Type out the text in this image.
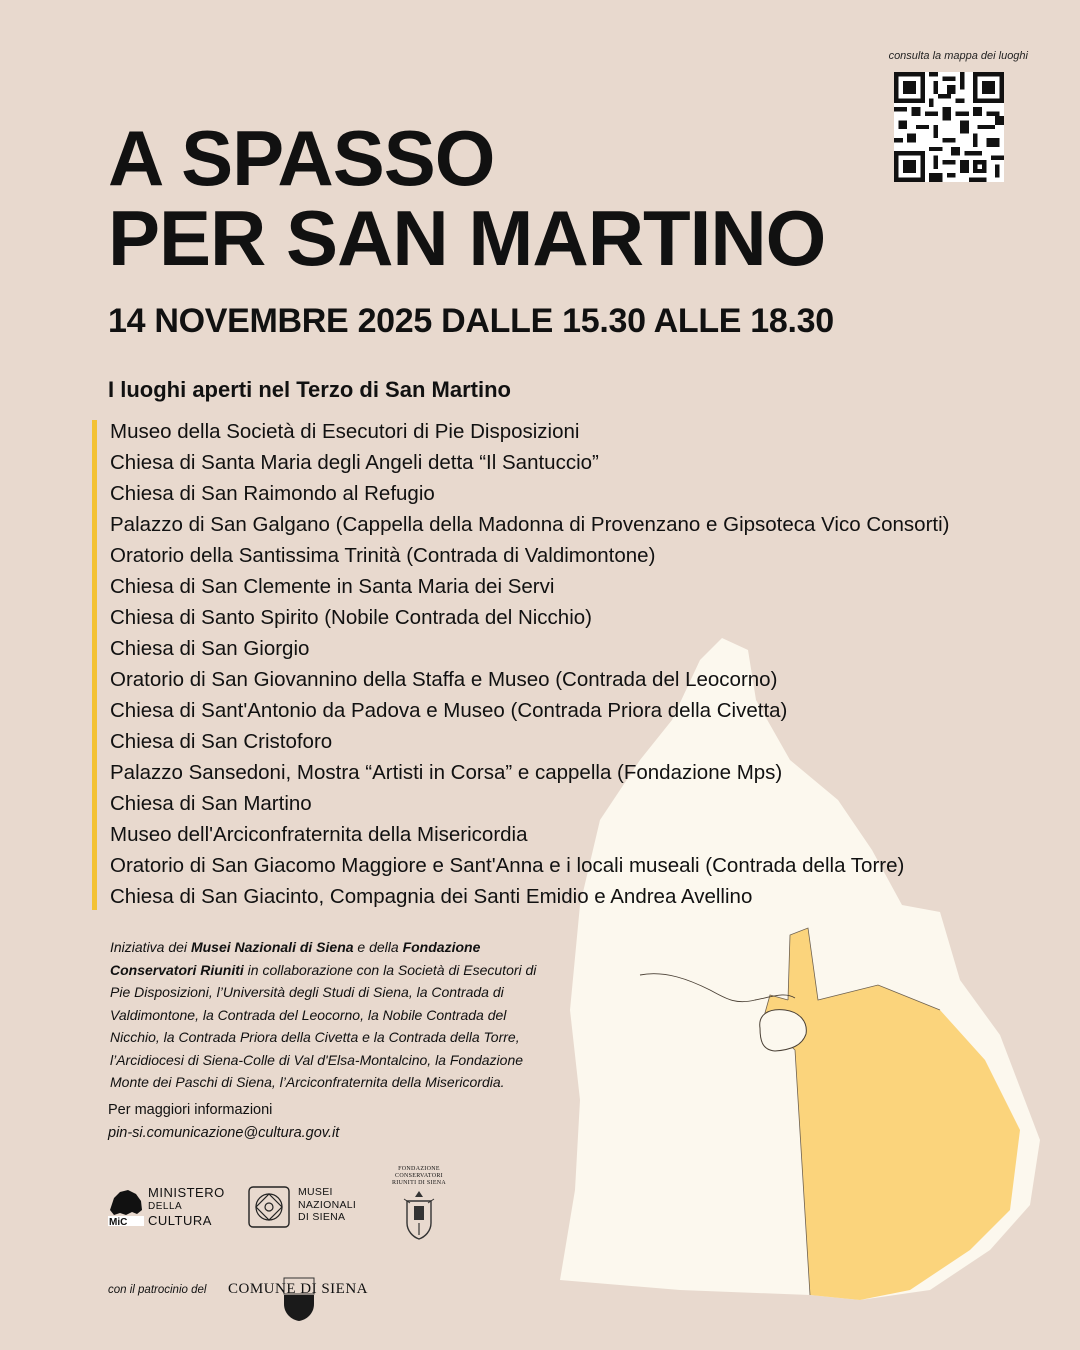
consulta la mappa dei luoghi
A SPASSO
PER SAN MARTINO
14 NOVEMBRE 2025 DALLE 15.30 ALLE 18.30
I luoghi aperti nel Terzo di San Martino
Museo della Società di Esecutori di Pie Disposizioni
Chiesa di Santa Maria degli Angeli detta “Il Santuccio”
Chiesa di San Raimondo al Refugio
Palazzo di San Galgano (Cappella della Madonna di Provenzano e Gipsoteca Vico Consorti)
Oratorio della Santissima Trinità (Contrada di Valdimontone)
Chiesa di San Clemente in Santa Maria dei Servi
Chiesa di Santo Spirito (Nobile Contrada del Nicchio)
Chiesa di San Giorgio
Oratorio di San Giovannino della Staffa e Museo (Contrada del Leocorno)
Chiesa di Sant'Antonio da Padova e Museo (Contrada Priora della Civetta)
Chiesa di San Cristoforo
Palazzo Sansedoni, Mostra “Artisti in Corsa” e cappella (Fondazione Mps)
Chiesa di San Martino
Museo dell'Arciconfraternita della Misericordia
Oratorio di San Giacomo Maggiore e Sant'Anna e i locali museali (Contrada della Torre)
Chiesa di San Giacinto, Compagnia dei Santi Emidio e Andrea Avellino

Iniziativa dei Musei Nazionali di Siena e della Fondazione Conservatori Riuniti in collaborazione con la Società di Esecutori di Pie Disposizioni, l’Università degli Studi di Siena, la Contrada di Valdimontone, la Contrada del Leocorno, la Nobile Contrada del Nicchio, la Contrada Priora della Civetta e la Contrada della Torre, l’Arcidiocesi di Siena-Colle di Val d'Elsa-Montalcino, la Fondazione Monte dei Paschi di Siena, l’Arciconfraternita della Misericordia.

Per maggiori informazioni
pin-si.comunicazione@cultura.gov.it
MiC
MINISTERO
DELLA
CULTURA
MUSEI
NAZIONALI
DI SIENA
FONDAZIONE
CONSERVATORI
RIUNITI DI SIENA
con il patrocinio del COMUNE DI SIENA
